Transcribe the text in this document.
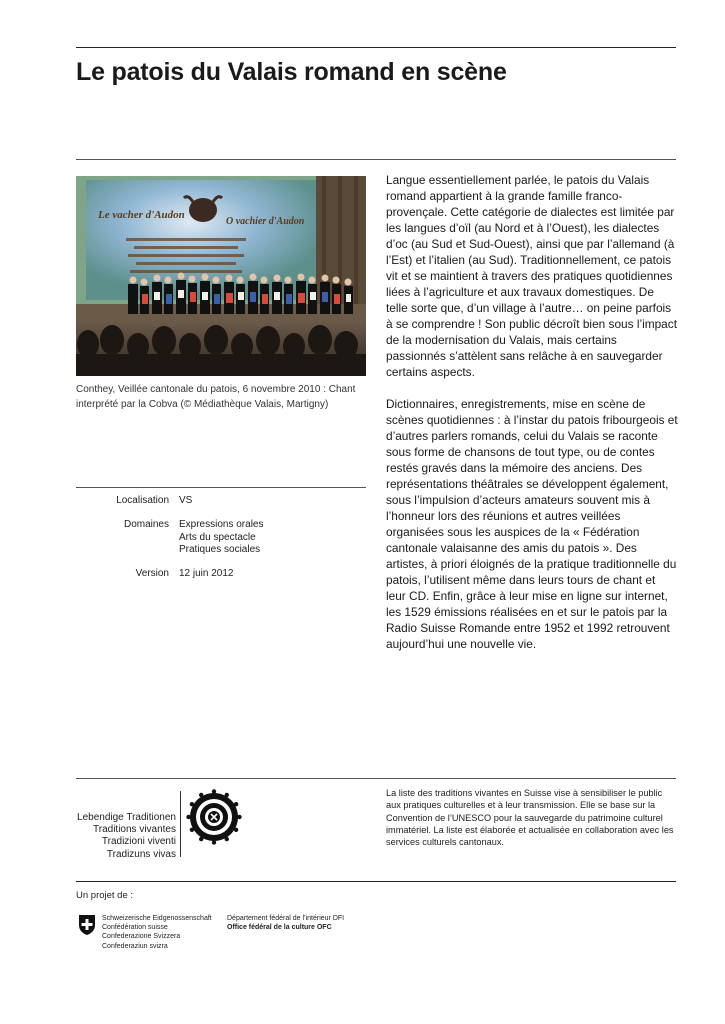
Le patois du Valais romand en scène
Le vacher d'Audon
O vachier d'Audon
Conthey, Veillée cantonale du patois, 6 novembre 2010 : Chant interprété par la Cobva (© Médiathèque Valais, Martigny)
Localisation VS
Domaines Expressions orales
Arts du spectacle
Pratiques sociales
Version 12 juin 2012

Langue essentiellement parlée, le patois du Valais romand appartient à la grande famille franco-provençale. Cette catégorie de dialectes est limitée par les langues d’oïl (au Nord et à l’Ouest), les dialectes d’oc (au Sud et Sud-Ouest), ainsi que par l’allemand (à l’Est) et l’italien (au Sud). Traditionnellement, ce patois vit et se maintient à travers des pratiques quotidiennes liées à l’agriculture et aux travaux domestiques. De telle sorte que, d’un village à l’autre… on peine parfois à se comprendre ! Son public décroît bien sous l’impact de la modernisation du Valais, mais certains passionnés s’attèlent sans relâche à en sauvegarder certains aspects.

Dictionnaires, enregistrements, mise en scène de scènes quotidiennes : à l’instar du patois fribourgeois et d’autres parlers romands, celui du Valais se raconte sous forme de chansons de tout type, ou de contes restés gravés dans la mémoire des anciens. Des représentations théâtrales se développent également, sous l’impulsion d’acteurs amateurs souvent mis à l’honneur lors des réunions et autres veillées organisées sous les auspices de la « Fédération cantonale valaisanne des amis du patois ». Des artistes, à priori éloignés de la pratique traditionnelle du patois, l’utilisent même dans leurs tours de chant et leur CD. Enfin, grâce à leur mise en ligne sur internet, les 1529 émissions réalisées en et sur le patois par la Radio Suisse Romande entre 1952 et 1992 retrouvent aujourd’hui une nouvelle vie.

Lebendige Traditionen
Traditions vivantes
Tradizioni viventi
Tradizuns vivas
La liste des traditions vivantes en Suisse vise à sensibiliser le public aux pratiques culturelles et à leur transmission. Elle se base sur la Convention de l’UNESCO pour la sauvegarde du patrimoine culturel immatériel. La liste est élaborée et actualisée en collaboration avec les services culturels cantonaux.
Un projet de :
Schweizerische Eidgenossenschaft
Confédération suisse
Confederazione Svizzera
Confederaziun svizra
Département fédéral de l’intérieur DFI
Office fédéral de la culture OFC
